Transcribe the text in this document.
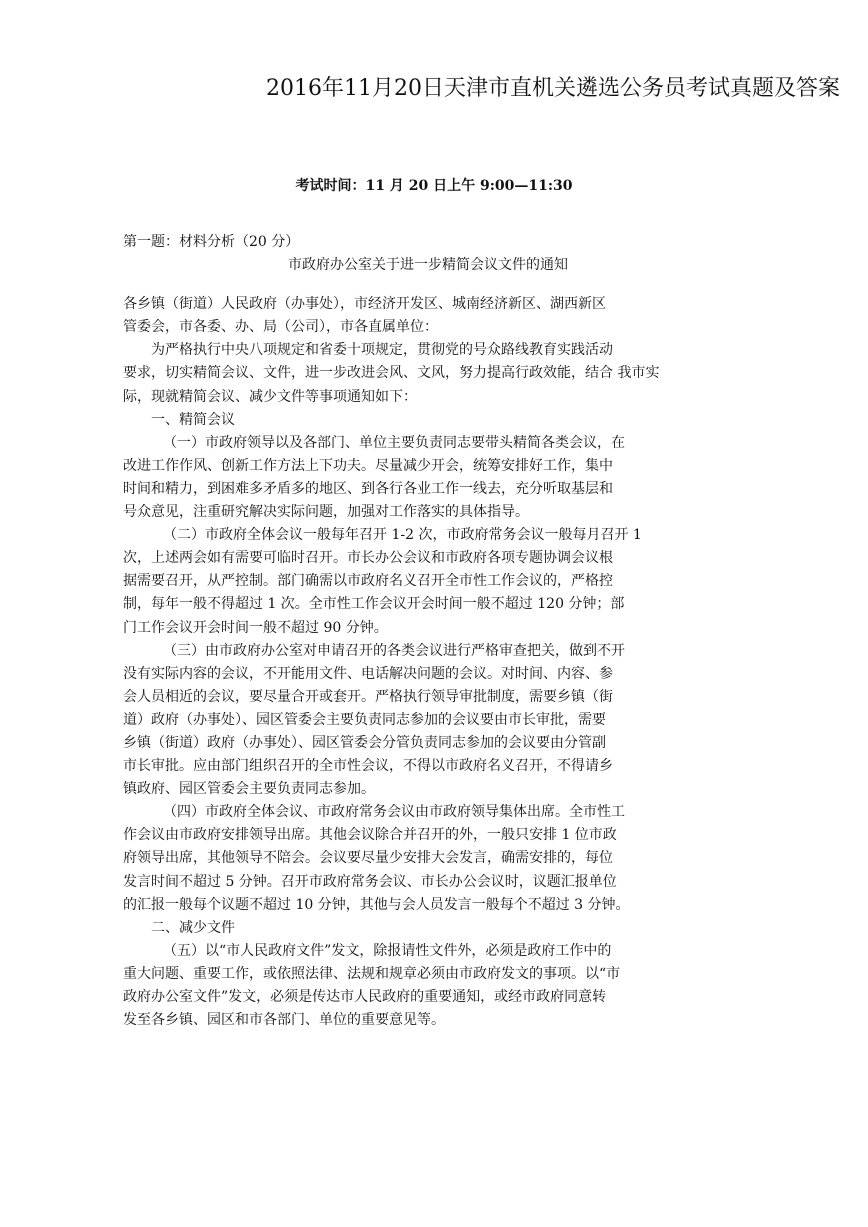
2016年11月20日天津市直机关遴选公务员考试真题及答案
考试时间：11 月 20 日上午 9:00—11:30
第一题：材料分析（20 分）
市政府办公室关于进一步精简会议文件的通知
各乡镇（街道）人民政府（办事处），市经济开发区、城南经济新区、湖西新区
管委会，市各委、办、局（公司），市各直属单位：
为严格执行中央八项规定和省委十项规定，贯彻党的号众路线教育实践活动
要求，切实精简会议、文件，进一步改进会风、文风，努力提高行政效能，结合 我市实
际，现就精简会议、减少文件等事项通知如下：
一、精简会议
（一）市政府领导以及各部门、单位主要负责同志要带头精简各类会议，在
改进工作作风、创新工作方法上下功夫。尽量减少开会，统筹安排好工作，集中
时间和精力，到困难多矛盾多的地区、到各行各业工作一线去，充分听取基层和
号众意见，注重研究解决实际问题，加强对工作落实的具体指导。
（二）市政府全体会议一般每年召开 1-2 次，市政府常务会议一般每月召开 1
次，上述两会如有需要可临时召开。市长办公会议和市政府各项专题协调会议根
据需要召开，从严控制。部门确需以市政府名义召开全市性工作会议的，严格控
制，每年一般不得超过 1 次。全市性工作会议开会时间一般不超过 120 分钟；部
门工作会议开会时间一般不超过 90 分钟。
（三）由市政府办公室对申请召开的各类会议进行严格审查把关，做到不开
没有实际内容的会议，不开能用文件、电话解决问题的会议。对时间、内容、参
会人员相近的会议，要尽量合开或套开。严格执行领导审批制度，需要乡镇（街
道）政府（办事处）、园区管委会主要负责同志参加的会议要由市长审批，需要
乡镇（街道）政府（办事处）、园区管委会分管负责同志参加的会议要由分管副
市长审批。应由部门组织召开的全市性会议，不得以市政府名义召开，不得请乡
镇政府、园区管委会主要负责同志参加。
（四）市政府全体会议、市政府常务会议由市政府领导集体出席。全市性工
作会议由市政府安排领导出席。其他会议除合并召开的外，一般只安排 1 位市政
府领导出席，其他领导不陪会。会议要尽量少安排大会发言，确需安排的，每位
发言时间不超过 5 分钟。召开市政府常务会议、市长办公会议时，议题汇报单位
的汇报一般每个议题不超过 10 分钟，其他与会人员发言一般每个不超过 3 分钟。
二、减少文件
（五）以“市人民政府文件”发文，除报请性文件外，必须是政府工作中的
重大问题、重要工作，或依照法律、法规和规章必须由市政府发文的事项。以“市
政府办公室文件”发文，必须是传达市人民政府的重要通知，或经市政府同意转
发至各乡镇、园区和市各部门、单位的重要意见等。
